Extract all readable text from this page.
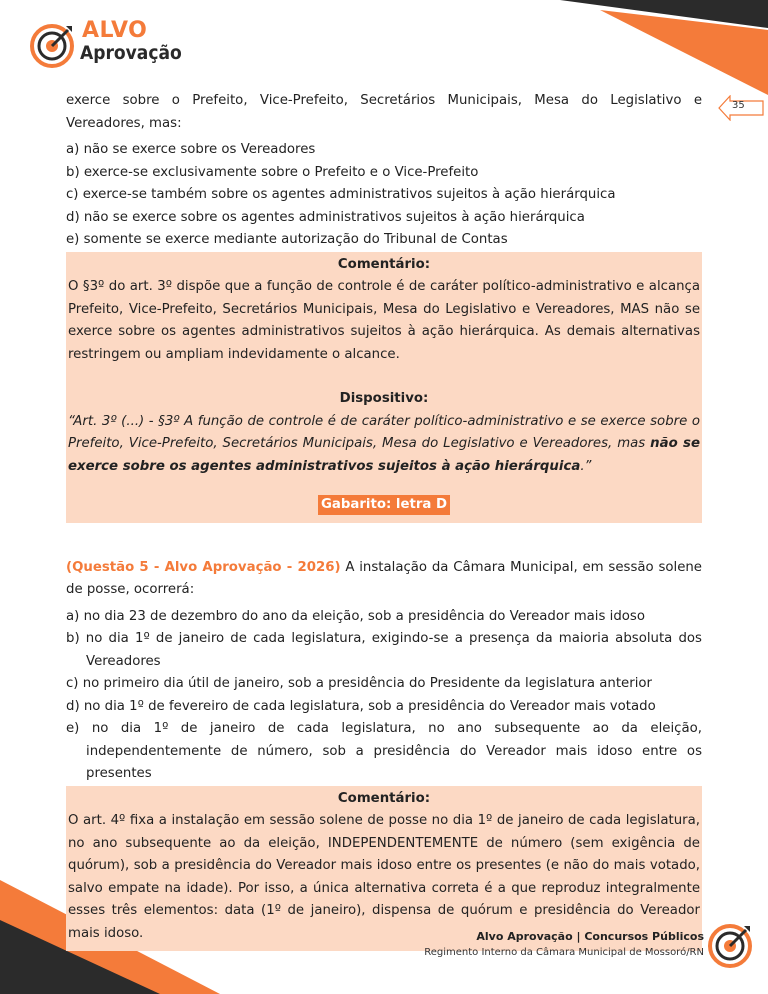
ALVO
Aprovação
35

exerce sobre o Prefeito, Vice-Prefeito, Secretários Municipais, Mesa do Legislativo e Vereadores, mas:

a) não se exerce sobre os Vereadores

b) exerce-se exclusivamente sobre o Prefeito e o Vice-Prefeito

c) exerce-se também sobre os agentes administrativos sujeitos à ação hierárquica

d) não se exerce sobre os agentes administrativos sujeitos à ação hierárquica

e) somente se exerce mediante autorização do Tribunal de Contas

Comentário:

O §3º do art. 3º dispõe que a função de controle é de caráter político-administrativo e alcança Prefeito, Vice-Prefeito, Secretários Municipais, Mesa do Legislativo e Vereadores, MAS não se exerce sobre os agentes administrativos sujeitos à ação hierárquica. As demais alternativas restringem ou ampliam indevidamente o alcance.

Dispositivo:

“Art. 3º (...) - §3º A função de controle é de caráter político-administrativo e se exerce sobre o Prefeito, Vice-Prefeito, Secretários Municipais, Mesa do Legislativo e Vereadores, mas não se exerce sobre os agentes administrativos sujeitos à ação hierárquica.”

Gabarito: letra D

(Questão 5 - Alvo Aprovação - 2026) A instalação da Câmara Municipal, em sessão solene de posse, ocorrerá:

a) no dia 23 de dezembro do ano da eleição, sob a presidência do Vereador mais idoso

b) no dia 1º de janeiro de cada legislatura, exigindo-se a presença da maioria absoluta dos Vereadores

c) no primeiro dia útil de janeiro, sob a presidência do Presidente da legislatura anterior

d) no dia 1º de fevereiro de cada legislatura, sob a presidência do Vereador mais votado

e) no dia 1º de janeiro de cada legislatura, no ano subsequente ao da eleição, independentemente de número, sob a presidência do Vereador mais idoso entre os presentes

Comentário:

O art. 4º fixa a instalação em sessão solene de posse no dia 1º de janeiro de cada legislatura, no ano subsequente ao da eleição, INDEPENDENTEMENTE de número (sem exigência de quórum), sob a presidência do Vereador mais idoso entre os presentes (e não do mais votado, salvo empate na idade). Por isso, a única alternativa correta é a que reproduz integralmente esses três elementos: data (1º de janeiro), dispensa de quórum e presidência do Vereador mais idoso.	Alvo Aprovação | Concursos Públicos
Regimento Interno da Câmara Municipal de Mossoró/RN
